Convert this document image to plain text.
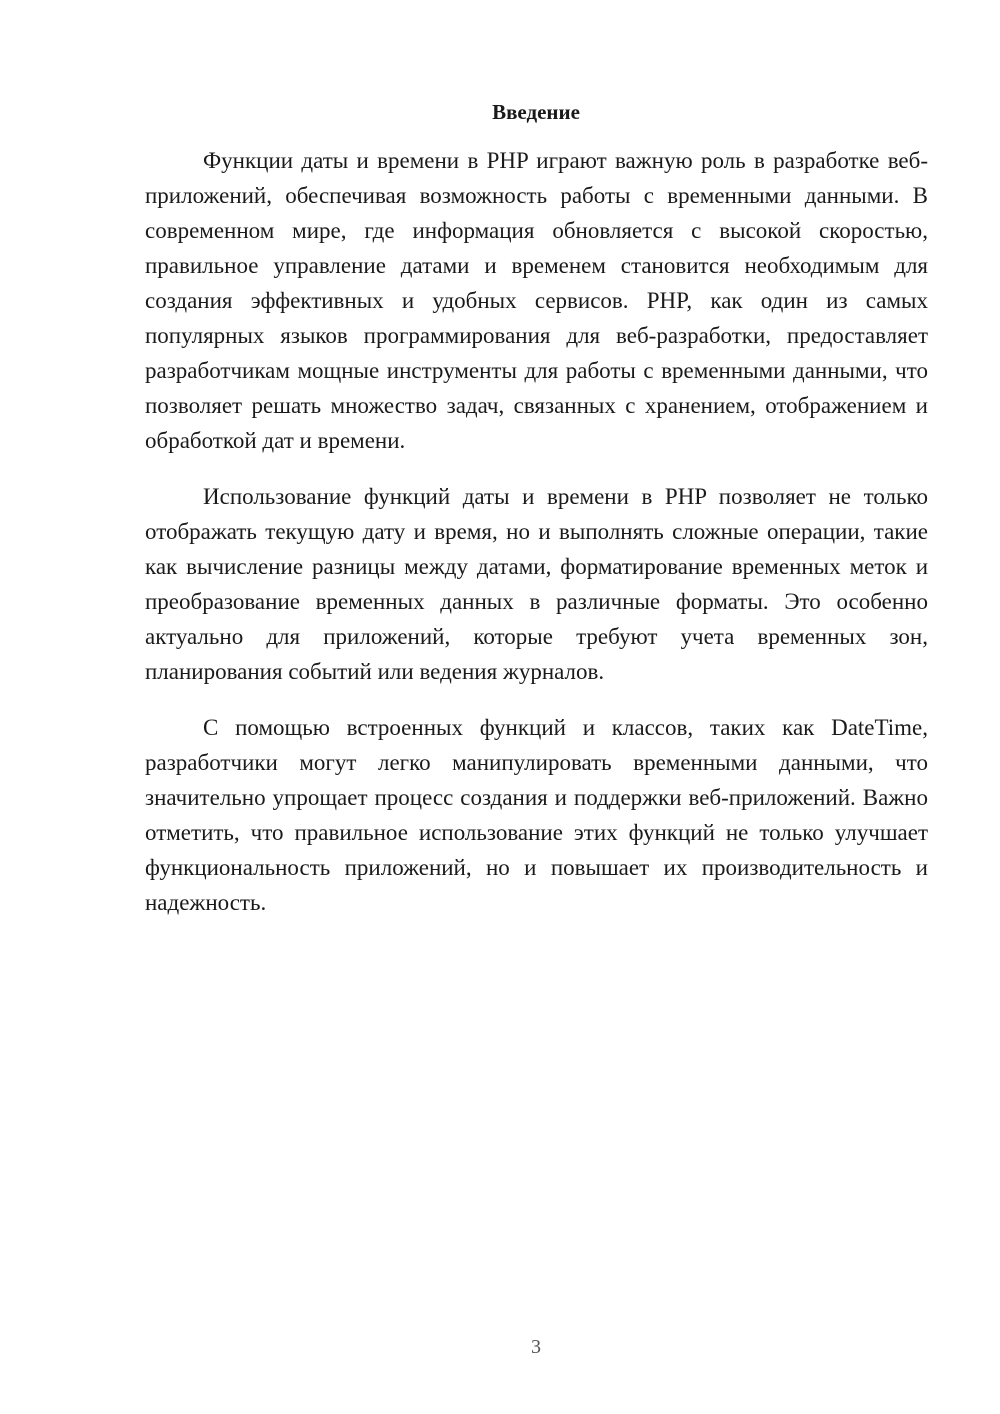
Введение

Функции даты и времени в PHP играют важную роль в разработке веб-приложений, обеспечивая возможность работы с временными данными. В современном мире, где информация обновляется с высокой скоростью, правильное управление датами и временем становится необходимым для создания эффективных и удобных сервисов. PHP, как один из самых популярных языков программирования для веб-разработки, предоставляет разработчикам мощные инструменты для работы с временными данными, что позволяет решать множество задач, связанных с хранением, отображением и обработкой дат и времени.

Использование функций даты и времени в PHP позволяет не только отображать текущую дату и время, но и выполнять сложные операции, такие как вычисление разницы между датами, форматирование временных меток и преобразование временных данных в различные форматы. Это особенно актуально для приложений, которые требуют учета временных зон, планирования событий или ведения журналов.

С помощью встроенных функций и классов, таких как DateTime, разработчики могут легко манипулировать временными данными, что значительно упрощает процесс создания и поддержки веб-приложений. Важно отметить, что правильное использование этих функций не только улучшает функциональность приложений, но и повышает их производительность и надежность.

3
